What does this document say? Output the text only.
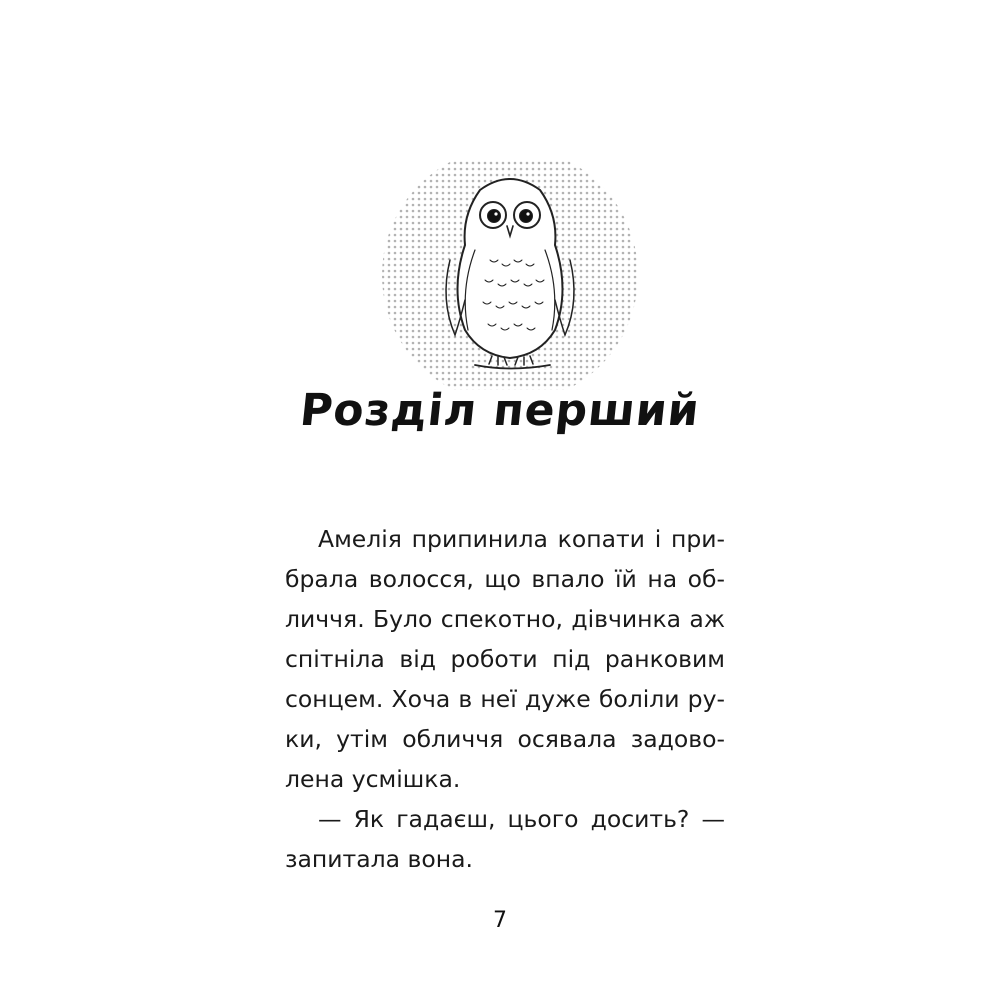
Розділ перший
Амелія припинила копати і при-
брала волосся, що впало їй на об-
личчя. Було спекотно, дівчинка аж
спітніла від роботи під ранковим
сонцем. Хоча в неї дуже боліли ру-
ки, утім обличчя осявала задово-
лена усмішка.
— Як гадаєш, цього досить? —
запитала вона.
7
